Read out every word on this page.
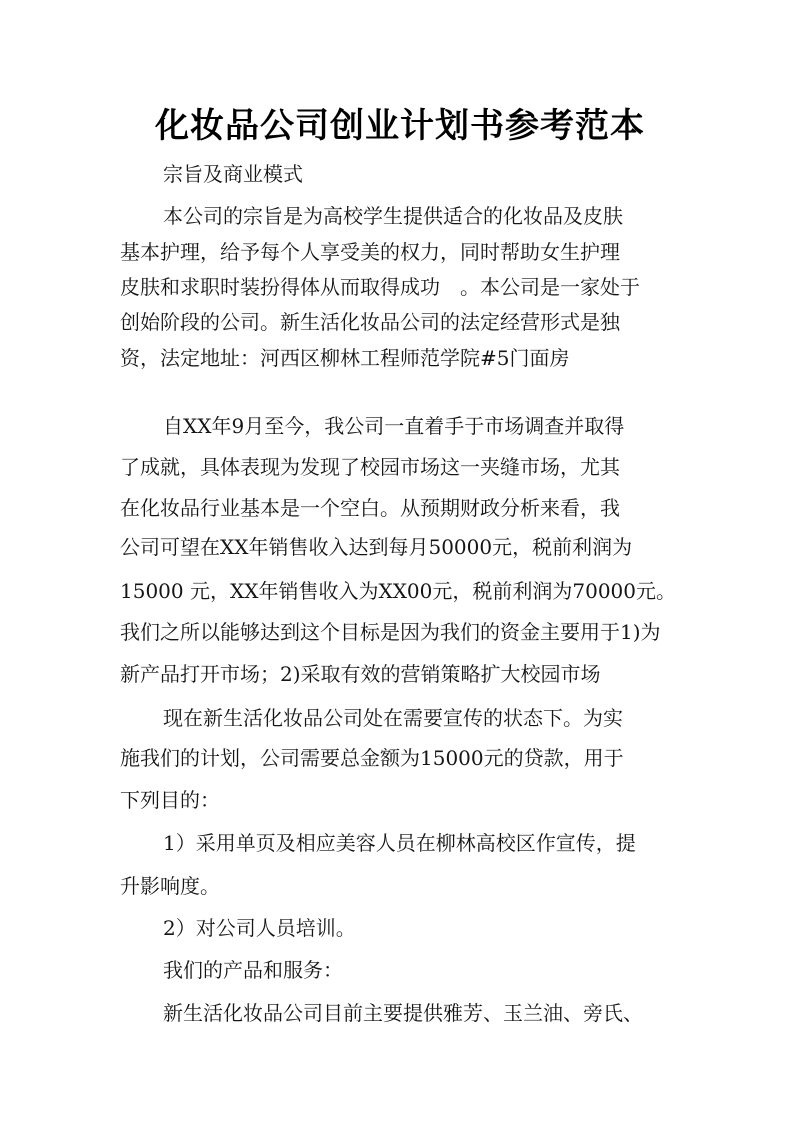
化妆品公司创业计划书参考范本
宗旨及商业模式
本公司的宗旨是为高校学生提供适合的化妆品及皮肤
基本护理，给予每个人享受美的权力，同时帮助女生护理
皮肤和求职时装扮得体从而取得成功　。本公司是一家处于
创始阶段的公司。新生活化妆品公司的法定经营形式是独
资，法定地址：河西区柳林工程师范学院#5门面房
自XX年9月至今，我公司一直着手于市场调查并取得
了成就，具体表现为发现了校园市场这一夹缝市场，尤其
在化妆品行业基本是一个空白。从预期财政分析来看，我
公司可望在XX年销售收入达到每月50000元，税前利润为
15000 元，XX年销售收入为XX00元，税前利润为70000元。
我们之所以能够达到这个目标是因为我们的资金主要用于1)为
新产品打开市场；2)采取有效的营销策略扩大校园市场
现在新生活化妆品公司处在需要宣传的状态下。为实
施我们的计划，公司需要总金额为15000元的贷款，用于
下列目的：
1）采用单页及相应美容人员在柳林高校区作宣传，提
升影响度。
2）对公司人员培训。
我们的产品和服务：
新生活化妆品公司目前主要提供雅芳、玉兰油、旁氏、
